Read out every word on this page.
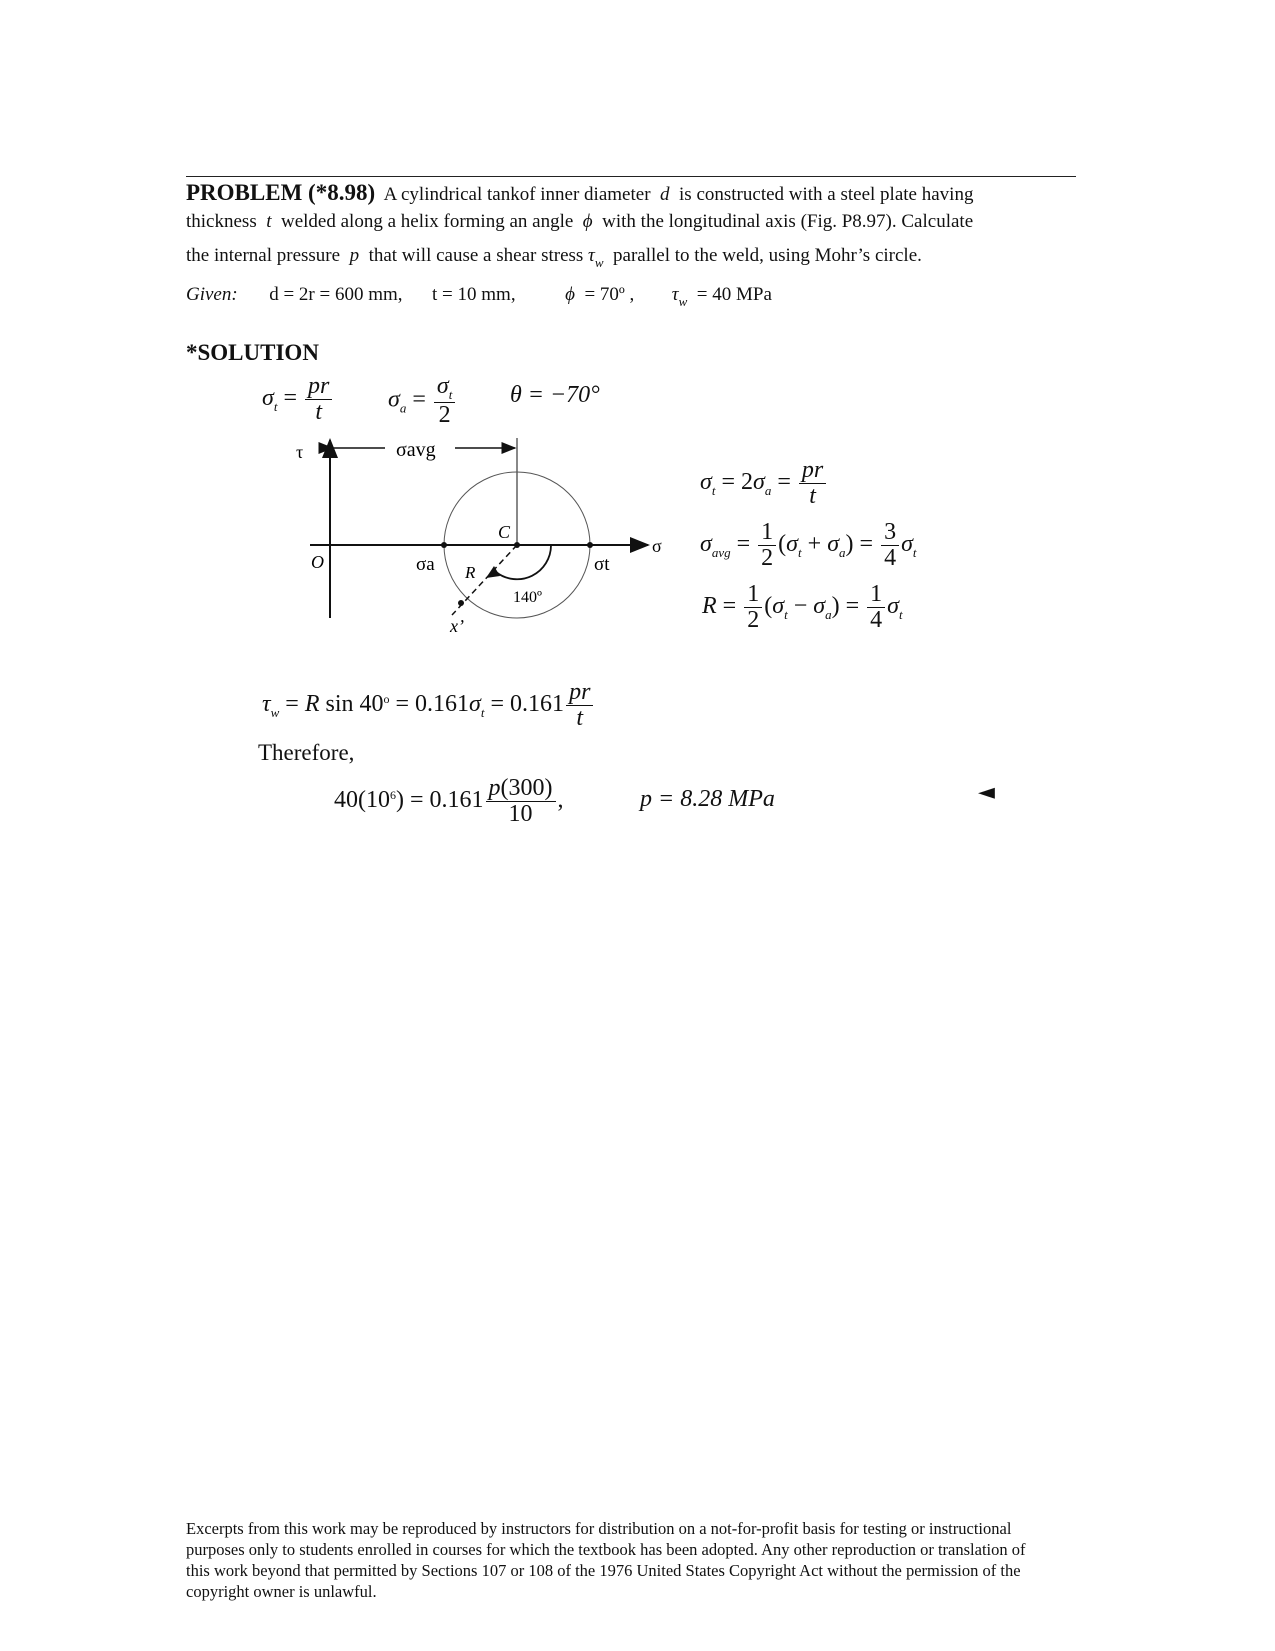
PROBLEM (*8.98) A cylindrical tankof inner diameter d is constructed with a steel plate having
thickness t welded along a helix forming an angle ϕ with the longitudinal axis (Fig. P8.97). Calculate
the internal pressure p that will cause a shear stress $\tau_w$ parallel to the weld, using Mohr’s circle.
Given: d = 2r = 600 mm, t = 10 mm,	ϕ = 70º , $\tau_w = 40$ MPa
*SOLUTION
$\sigma_t = \frac{pr}{t} \sigma_a = \frac{\sigma_t}{2}$ θ = −70°
τ
σ
O
σavg
C
σa	σt
R
x’
140º
$\sigma_t = 2\sigma_a = \frac{pr}{t}$
$\sigma_{avg} = \frac{1}{2} (\sigma_t + \sigma_a) = \frac{3}{4} \sigma_t$
$R = \frac{1}{2} (\sigma_t - \sigma_a) = \frac{1}{4} \sigma_t$
$\tau_w = R$ $\sin 40^o = 0.161\sigma_t = 0.161 \frac{pr}{t}$
Therefore,
$40(10^6) = 0.161 \frac{p(300)}{10}$ ,	p = 8.28 MPa	◄
Excerpts from this work may be reproduced by instructors for distribution on a not-for-profit basis for testing or instructional purposes only to students enrolled in courses for which the textbook has been adopted. Any other reproduction or translation of this work beyond that permitted by Sections 107 or 108 of the 1976 United States Copyright Act without the permission of the copyright owner is unlawful.
